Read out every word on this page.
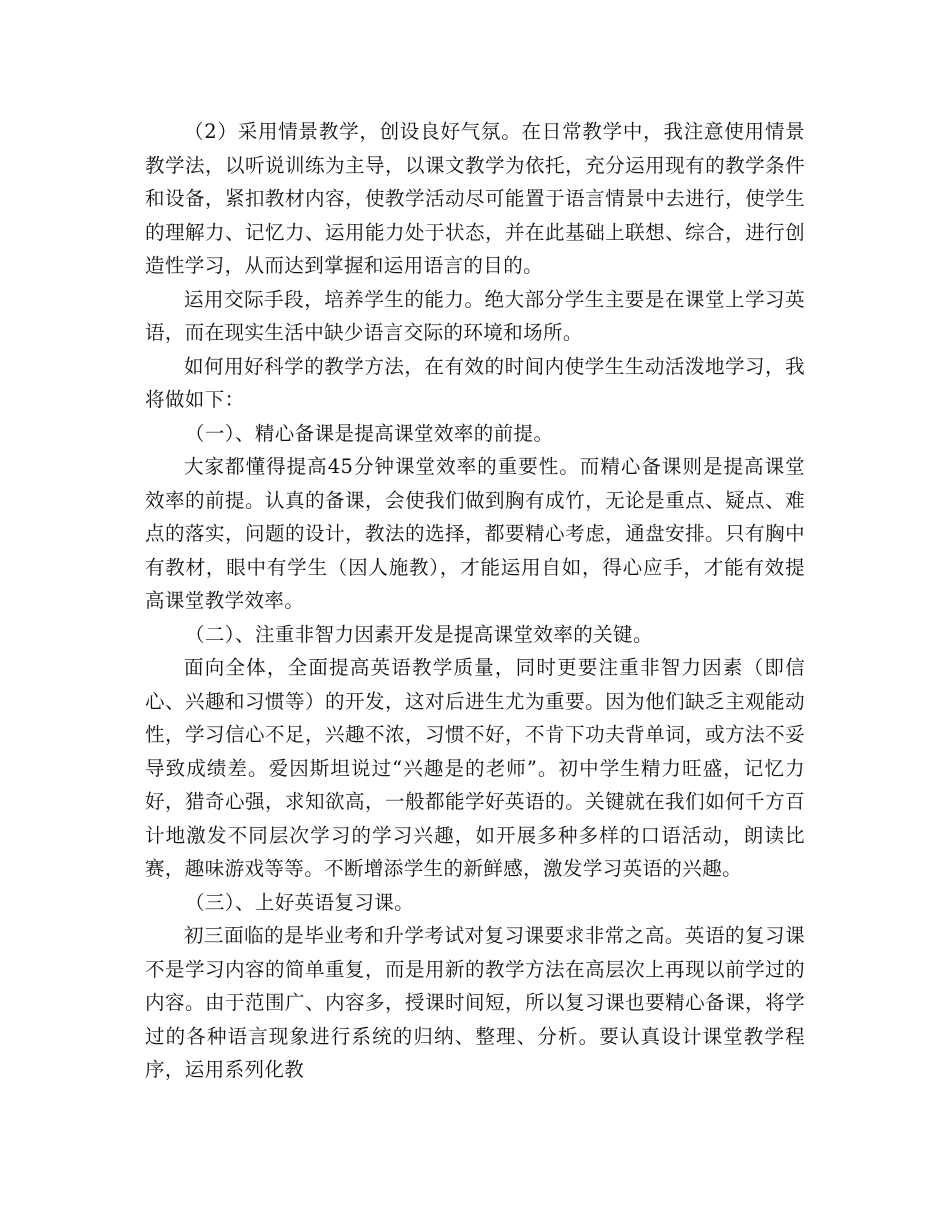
（2）采用情景教学，创设良好气氛。在日常教学中，我注意使用情景教学法，以听说训练为主导，以课文教学为依托，充分运用现有的教学条件和设备，紧扣教材内容，使教学活动尽可能置于语言情景中去进行，使学生的理解力、记忆力、运用能力处于状态，并在此基础上联想、综合，进行创造性学习，从而达到掌握和运用语言的目的。

运用交际手段，培养学生的能力。绝大部分学生主要是在课堂上学习英语，而在现实生活中缺少语言交际的环境和场所。

如何用好科学的教学方法，在有效的时间内使学生生动活泼地学习，我将做如下：

（一）、精心备课是提高课堂效率的前提。

大家都懂得提高45分钟课堂效率的重要性。而精心备课则是提高课堂效率的前提。认真的备课，会使我们做到胸有成竹，无论是重点、疑点、难点的落实，问题的设计，教法的选择，都要精心考虑，通盘安排。只有胸中有教材，眼中有学生（因人施教），才能运用自如，得心应手，才能有效提高课堂教学效率。

（二）、注重非智力因素开发是提高课堂效率的关键。

面向全体，全面提高英语教学质量，同时更要注重非智力因素（即信心、兴趣和习惯等）的开发，这对后进生尤为重要。因为他们缺乏主观能动性，学习信心不足，兴趣不浓，习惯不好，不肯下功夫背单词，或方法不妥导致成绩差。爱因斯坦说过“兴趣是的老师”。初中学生精力旺盛，记忆力好，猎奇心强，求知欲高，一般都能学好英语的。关键就在我们如何千方百计地激发不同层次学习的学习兴趣，如开展多种多样的口语活动，朗读比赛，趣味游戏等等。不断增添学生的新鲜感，激发学习英语的兴趣。

（三）、上好英语复习课。

初三面临的是毕业考和升学考试对复习课要求非常之高。英语的复习课不是学习内容的简单重复，而是用新的教学方法在高层次上再现以前学过的内容。由于范围广、内容多，授课时间短，所以复习课也要精心备课，将学过的各种语言现象进行系统的归纳、整理、分析。要认真设计课堂教学程序，运用系列化教
